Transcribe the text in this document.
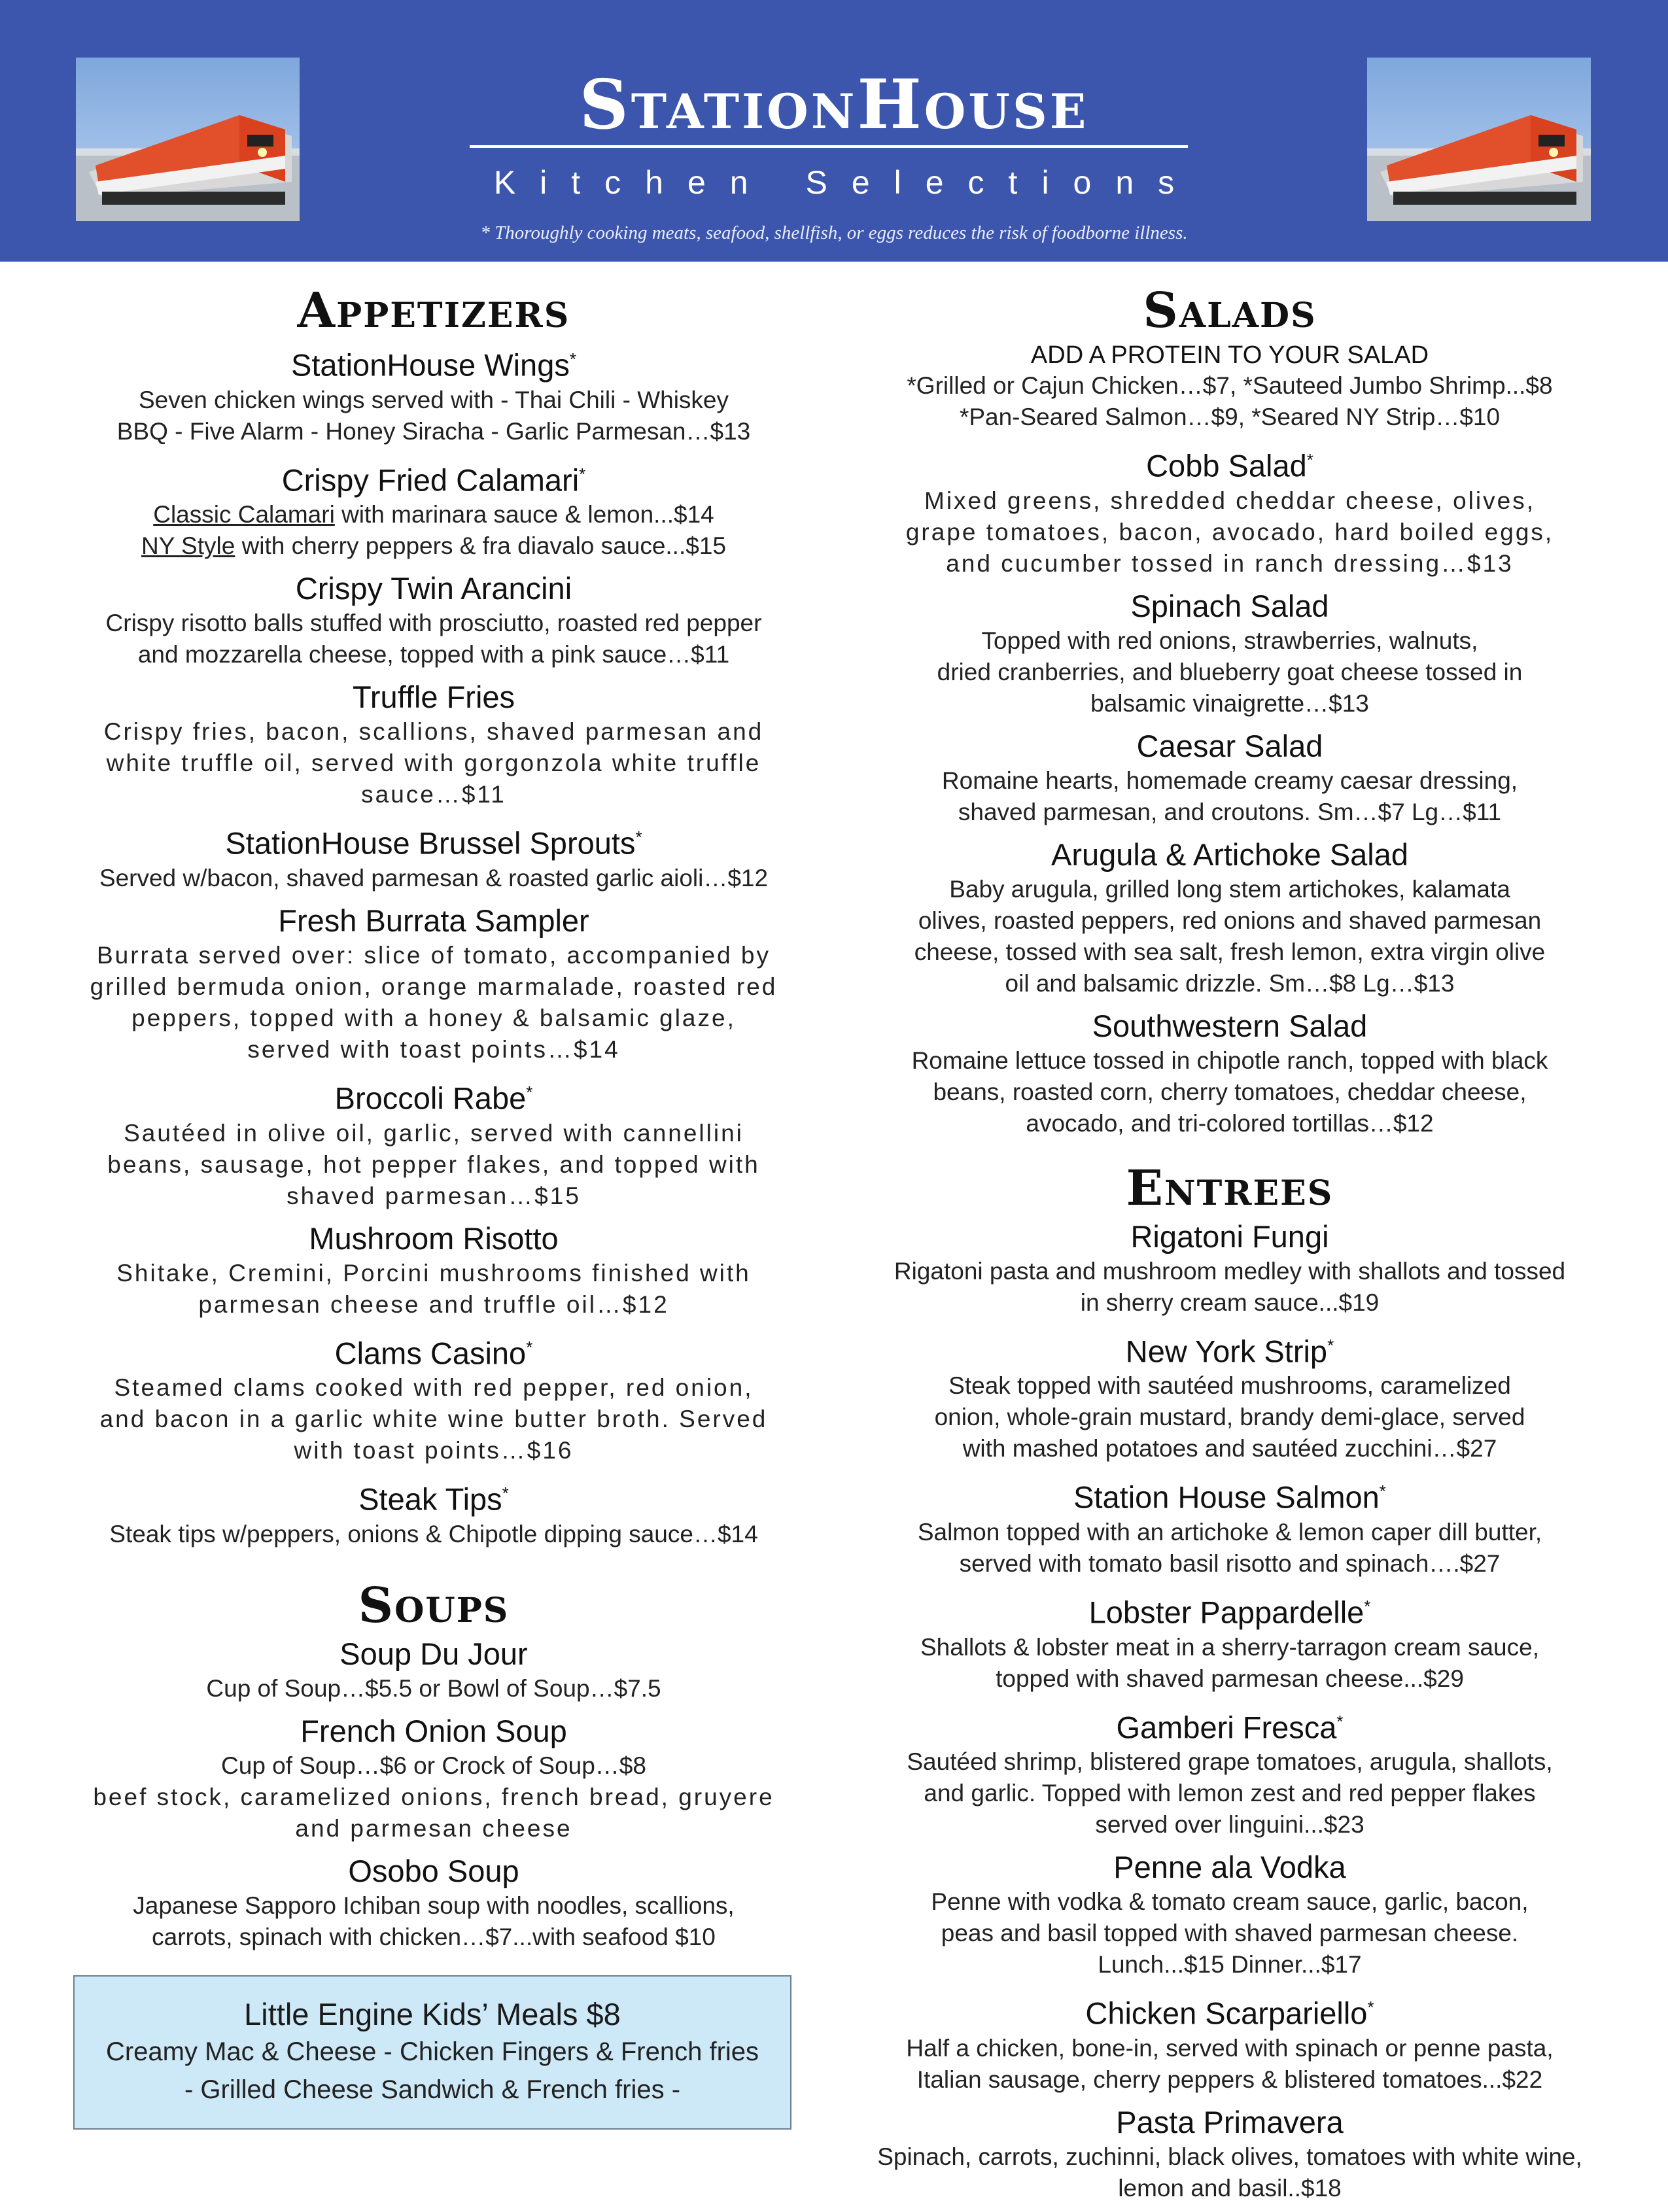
StationHouse
Kitchen Selections
* Thoroughly cooking meats, seafood, shellfish, or eggs reduces the risk of foodborne illness.
Appetizers
StationHouse Wings*
Seven chicken wings served with - Thai Chili - Whiskey
BBQ - Five Alarm - Honey Siracha - Garlic Parmesan…$13
Crispy Fried Calamari*
Classic Calamari with marinara sauce & lemon...$14
NY Style with cherry peppers & fra diavalo sauce...$15
Crispy Twin Arancini
Crispy risotto balls stuffed with prosciutto, roasted red pepper
and mozzarella cheese, topped with a pink sauce…$11
Truffle Fries
Crispy fries, bacon, scallions, shaved parmesan and
white truffle oil, served with gorgonzola white truffle
sauce…$11
StationHouse Brussel Sprouts*
Served w/bacon, shaved parmesan & roasted garlic aioli…$12
Fresh Burrata Sampler
Burrata served over: slice of tomato, accompanied by
grilled bermuda onion, orange marmalade, roasted red
peppers, topped with a honey & balsamic glaze,
served with toast points…$14
Broccoli Rabe*
Sautéed in olive oil, garlic, served with cannellini
beans, sausage, hot pepper flakes, and topped with
shaved parmesan…$15
Mushroom Risotto
Shitake, Cremini, Porcini mushrooms finished with
parmesan cheese and truffle oil…$12
Clams Casino*
Steamed clams cooked with red pepper, red onion,
and bacon in a garlic white wine butter broth. Served
with toast points…$16
Steak Tips*
Steak tips w/peppers, onions & Chipotle dipping sauce…$14
Soups
Soup Du Jour
Cup of Soup…$5.5 or Bowl of Soup…$7.5
French Onion Soup
Cup of Soup…$6 or Crock of Soup…$8
beef stock, caramelized onions, french bread, gruyere
and parmesan cheese
Osobo Soup
Japanese Sapporo Ichiban soup with noodles, scallions,
carrots, spinach with chicken…$7...with seafood $10
Little Engine Kids’ Meals $8
Creamy Mac & Cheese - Chicken Fingers & French fries
- Grilled Cheese Sandwich & French fries -
Salads
ADD A PROTEIN TO YOUR SALAD
*Grilled or Cajun Chicken…$7, *Sauteed Jumbo Shrimp...$8
*Pan-Seared Salmon…$9, *Seared NY Strip…$10
Cobb Salad*
Mixed greens, shredded cheddar cheese, olives,
grape tomatoes, bacon, avocado, hard boiled eggs,
and cucumber tossed in ranch dressing…$13
Spinach Salad
Topped with red onions, strawberries, walnuts,
dried cranberries, and blueberry goat cheese tossed in
balsamic vinaigrette…$13
Caesar Salad
Romaine hearts, homemade creamy caesar dressing,
shaved parmesan, and croutons. Sm…$7 Lg…$11
Arugula & Artichoke Salad
Baby arugula, grilled long stem artichokes, kalamata
olives, roasted peppers, red onions and shaved parmesan
cheese, tossed with sea salt, fresh lemon, extra virgin olive
oil and balsamic drizzle. Sm…$8 Lg…$13
Southwestern Salad
Romaine lettuce tossed in chipotle ranch, topped with black
beans, roasted corn, cherry tomatoes, cheddar cheese,
avocado, and tri-colored tortillas…$12
Entrees
Rigatoni Fungi
Rigatoni pasta and mushroom medley with shallots and tossed
in sherry cream sauce...$19
New York Strip*
Steak topped with sautéed mushrooms, caramelized
onion, whole-grain mustard, brandy demi-glace, served
with mashed potatoes and sautéed zucchini…$27
Station House Salmon*
Salmon topped with an artichoke & lemon caper dill butter,
served with tomato basil risotto and spinach….$27
Lobster Pappardelle*
Shallots & lobster meat in a sherry-tarragon cream sauce,
topped with shaved parmesan cheese...$29
Gamberi Fresca*
Sautéed shrimp, blistered grape tomatoes, arugula, shallots,
and garlic. Topped with lemon zest and red pepper flakes
served over linguini...$23
Penne ala Vodka
Penne with vodka & tomato cream sauce, garlic, bacon,
peas and basil topped with shaved parmesan cheese.
Lunch...$15 Dinner...$17
Chicken Scarpariello*
Half a chicken, bone-in, served with spinach or penne pasta,
Italian sausage, cherry peppers & blistered tomatoes...$22
Pasta Primavera
Spinach, carrots, zuchinni, black olives, tomatoes with white wine,
lemon and basil..$18
